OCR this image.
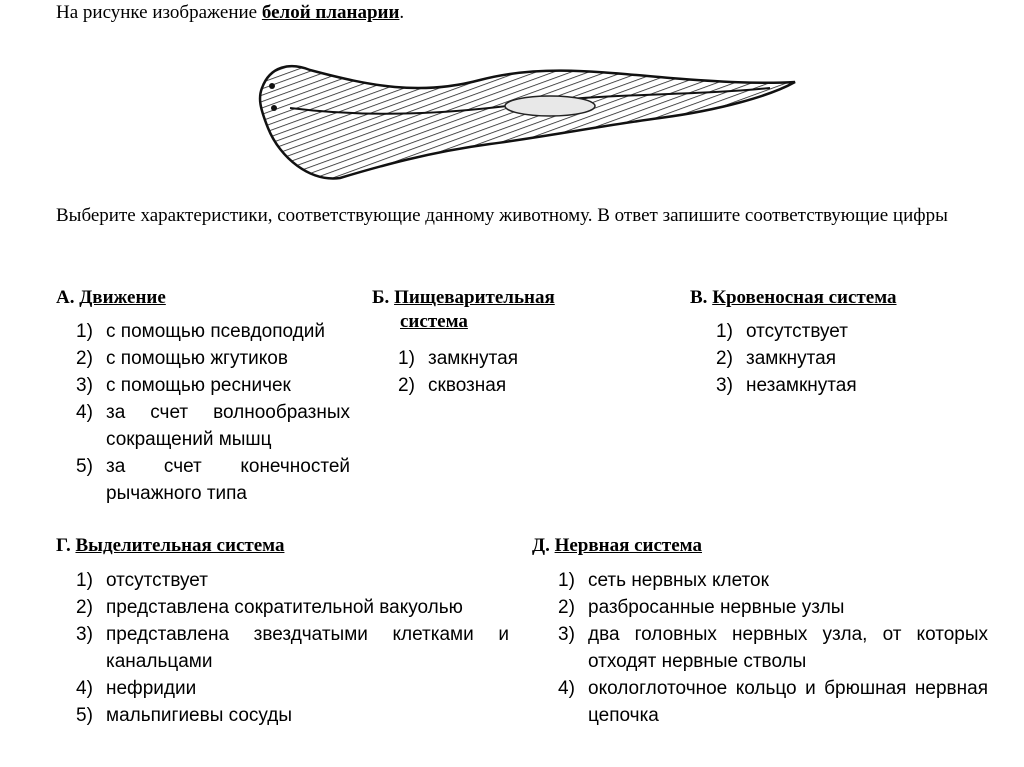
На рисунке изображение белой планарии.
Выберите характеристики, соответствующие данному животному. В ответ запишите соответствующие цифры
А. Движение
1) с помощью псевдоподий
2) с помощью жгутиков
3) с помощью ресничек
4) за счет волнообразных сокращений мышц
5) за счет конечностей рычажного типа
Б. Пищеварительная
система
1) замкнутая
2) сквозная
В. Кровеносная система
1) отсутствует
2) замкнутая
3) незамкнутая
Г. Выделительная система
1) отсутствует
2) представлена сократительной вакуолью
3) представлена звездчатыми клетками и канальцами
4) нефридии
5) мальпигиевы сосуды
Д. Нервная система
1) сеть нервных клеток
2) разбросанные нервные узлы
3) два головных нервных узла, от которых отходят нервные стволы
4) окологлоточное кольцо и брюшная нервная цепочка
